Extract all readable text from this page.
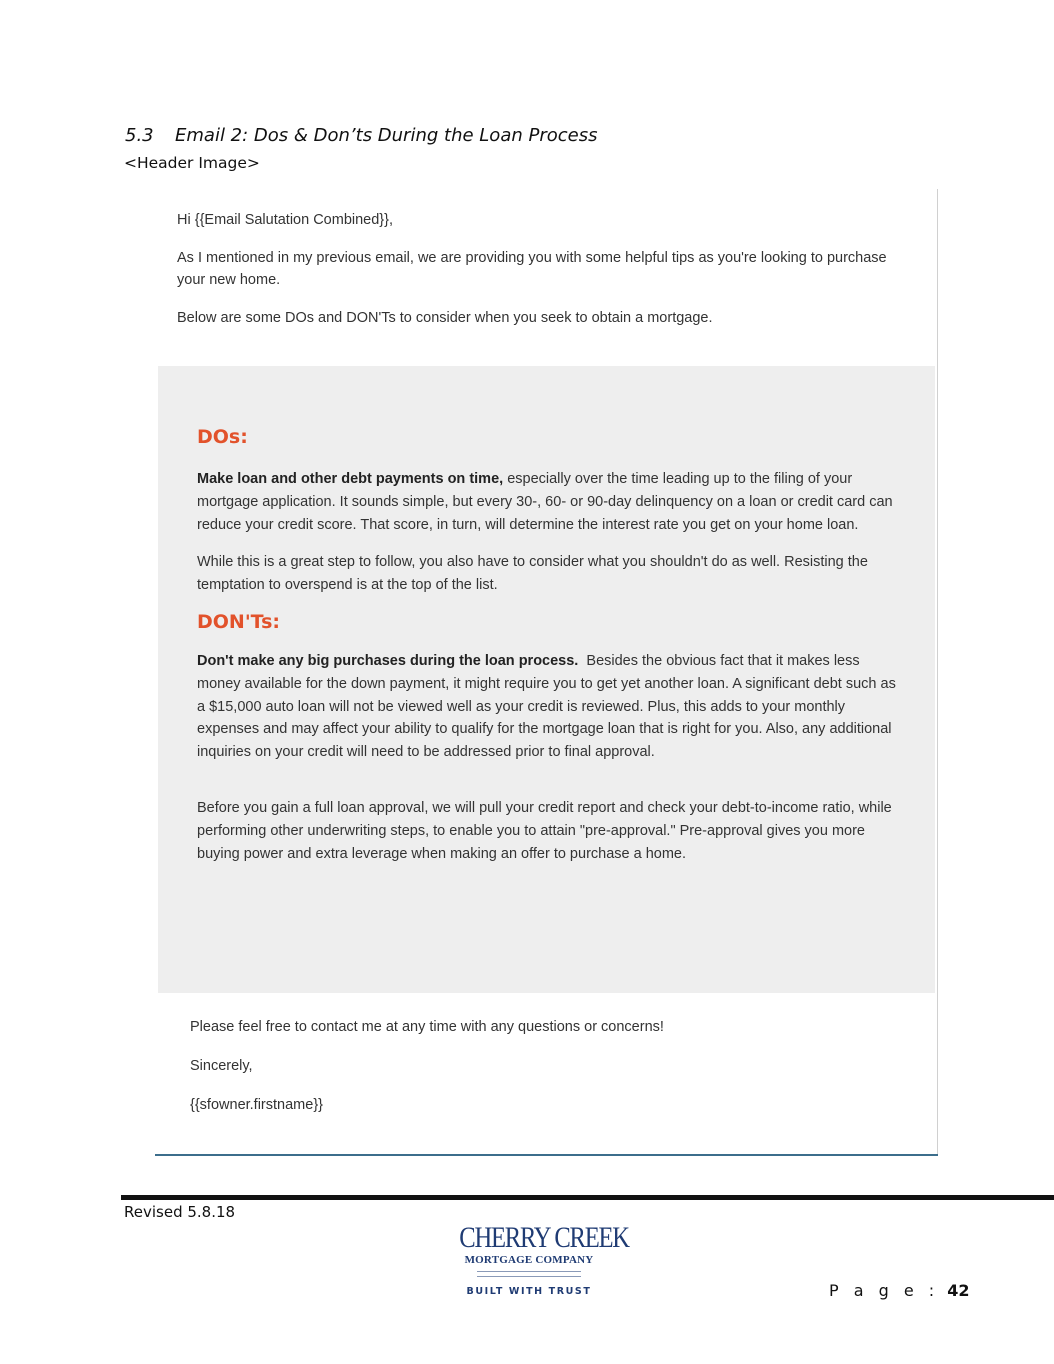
5.3 Email 2: Dos & Don’ts During the Loan Process
<Header Image>

Hi {{Email Salutation Combined}},

As I mentioned in my previous email, we are providing you with some helpful tips as you're looking to purchase your new home.

Below are some DOs and DON'Ts to consider when you seek to obtain a mortgage.

DOs:

Make loan and other debt payments on time, especially over the time leading up to the filing of your mortgage application. It sounds simple, but every 30-, 60- or 90-day delinquency on a loan or credit card can reduce your credit score. That score, in turn, will determine the interest rate you get on your home loan.

While this is a great step to follow, you also have to consider what you shouldn't do as well. Resisting the temptation to overspend is at the top of the list.

DON'Ts:

Don't make any big purchases during the loan process.  Besides the obvious fact that it makes less money available for the down payment, it might require you to get yet another loan. A significant debt such as a $15,000 auto loan will not be viewed well as your credit is reviewed. Plus, this adds to your monthly expenses and may affect your ability to qualify for the mortgage loan that is right for you. Also, any additional inquiries on your credit will need to be addressed prior to final approval.

Before you gain a full loan approval, we will pull your credit report and check your debt-to-income ratio, while performing other underwriting steps, to enable you to attain "pre-approval." Pre-approval gives you more buying power and extra leverage when making an offer to purchase a home.

Please feel free to contact me at any time with any questions or concerns!

Sincerely,

{{sfowner.firstname}}

Revised 5.8.18
CHERRY CREEK
MORTGAGE COMPANY
BUILT WITH TRUST	P a g e : 42
